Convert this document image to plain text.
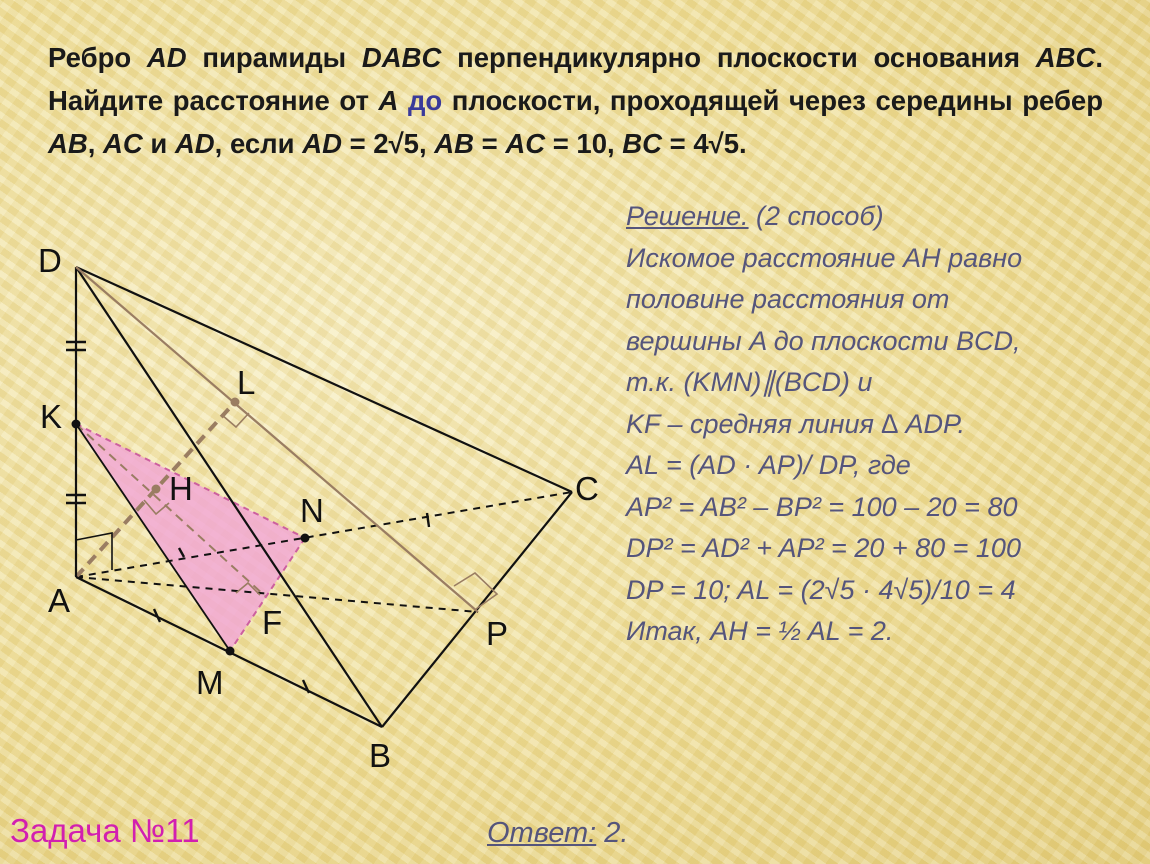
Ребро AD пирамиды DABC перпендикулярно плоскости основания ABC. Найдите расстояние от A до плоскости, проходящей через середины ребер AB, AC и AD, если AD = 2√5, AB = AC = 10, BC = 4√5.

D
L
K
H
N
C
A
F	P
M
B
Решение. (2 способ)
Искомое расстояние AH равно
половине расстояния от
вершины A до плоскости BCD,
т.к. (KMN)∥(BCD) и
KF – средняя линия ∆ ADP.
AL = (AD · AP)/ DP, где
AP² = AB² – BP² = 100 – 20 = 80
DP² = AD² + AP² = 20 + 80 = 100
DP = 10; AL = (2√5 · 4√5)/10 = 4
Итак, AH = ½ AL = 2.

Задача №11	Ответ: 2.
